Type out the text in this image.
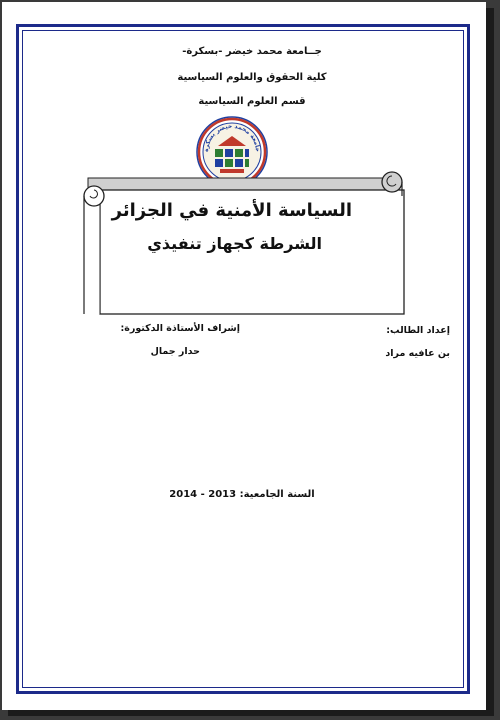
جــامعة محمد خيضر -بسكرة-
كلية الحقوق والعلوم السياسية
قسم العلوم السياسية
جامعة محمد خيضر بسكرة
السياسة الأمنية في الجزائر
الشرطة كجهاز تنفيذي
إعداد الطالب:
بن عافيه مراد
إشراف الأستاذة الدكتورة:
حدار جمال
السنة الجامعية: 2013 - 2014
